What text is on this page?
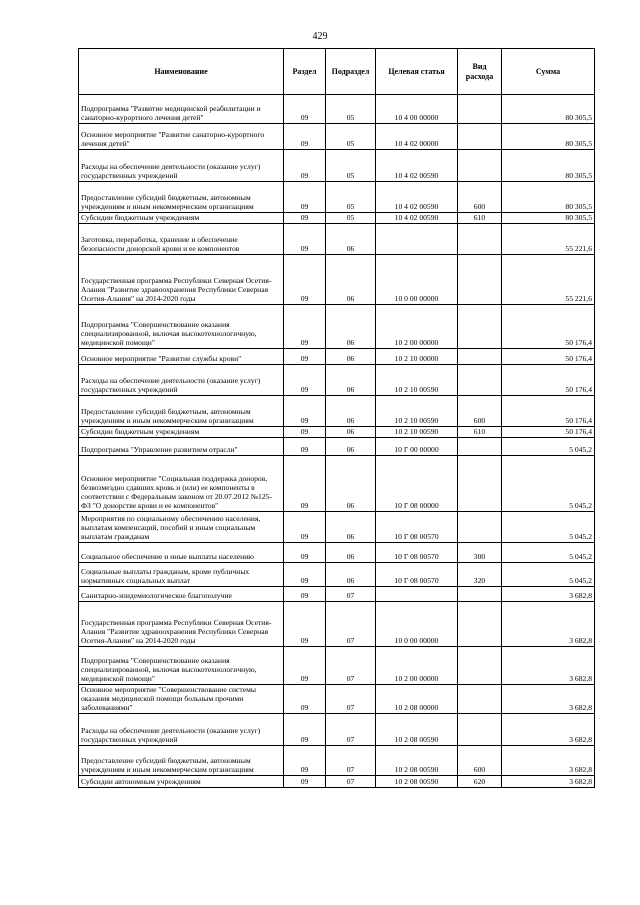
429
Наименование	Раздел	Подраздел	Целевая статья	Вид расхода	Сумма
Подпрограмма "Развитие медицинской реабилитации и санаторно-курортного лечения детей"	09	05	10 4 00 00000		80 305,5
Основное мероприятие "Развитие санаторно-курортного лечения детей"	09	05	10 4 02 00000		80 305,5
Расходы на обеспечение деятельности (оказание услуг) государственных учреждений	09	05	10 4 02 00590		80 305,5
Предоставление субсидий бюджетным, автономным учреждениям и иным некоммерческим организациям	09	05	10 4 02 00590	600	80 305,5
Субсидии бюджетным учреждениям	09	05	10 4 02 00590	610	80 305,5
Заготовка, переработка, хранение и обеспечение безопасности донорской крови и ее компонентов	09	06			55 221,6
Государственная программа Республики Северная Осетия-Алания "Развитие здравоохранения Республики Северная Осетия-Алания" на 2014-2020 годы	09	06	10 0 00 00000		55 221,6
Подпрограмма "Совершенствование оказания специализированной, включая высокотехнологичную, медицинской помощи"	09	06	10 2 00 00000		50 176,4
Основное мероприятие "Развитие службы крови"	09	06	10 2 10 00000		50 176,4
Расходы на обеспечение деятельности (оказание услуг) государственных учреждений	09	06	10 2 10 00590		50 176,4
Предоставление субсидий бюджетным, автономным учреждениям и иным некоммерческим организациям	09	06	10 2 10 00590	600	50 176,4
Субсидии бюджетным учреждениям	09	06	10 2 10 00590	610	50 176,4
Подпрограмма "Управление развитием отрасли"	09	06	10 Г 00 00000		5 045,2
Основное мероприятие "Социальная поддержка доноров, безвозмездно сдавших кровь и (или) ее компоненты в соответствии с Федеральным законом от 20.07.2012 №125-ФЗ "О донорстве крови и ее компонентов"	09	06	10 Г 08 00000		5 045,2
Мероприятия по социальному обеспечению населения, выплатам компенсаций, пособий и иным социальным выплатам гражданам	09	06	10 Г 08 00570		5 045,2
Социальное обеспечение и иные выплаты населению	09	06	10 Г 08 00570	300	5 045,2
Социальные выплаты гражданам, кроме публичных нормативных социальных выплат	09	06	10 Г 08 00570	320	5 045,2
Санитарно-эпидемиологическое благополучие	09	07			3 682,8
Государственная программа Республики Северная Осетия-Алания "Развитие здравоохранения Республики Северная Осетия-Алания" на 2014-2020 годы	09	07	10 0 00 00000		3 682,8
Подпрограмма "Совершенствование оказания специализированной, включая высокотехнологичную, медицинской помощи"	09	07	10 2 00 00000		3 682,8
Основное мероприятие "Совершенствование системы оказания медицинской помощи больным прочими заболеваниями"	09	07	10 2 08 00000		3 682,8
Расходы на обеспечение деятельности (оказание услуг) государственных учреждений	09	07	10 2 08 00590		3 682,8
Предоставление субсидий бюджетным, автономным учреждениям и иным некоммерческим организациям	09	07	10 2 08 00590	600	3 682,8
Субсидии автономным учреждениям	09	07	10 2 08 00590	620	3 682,8
